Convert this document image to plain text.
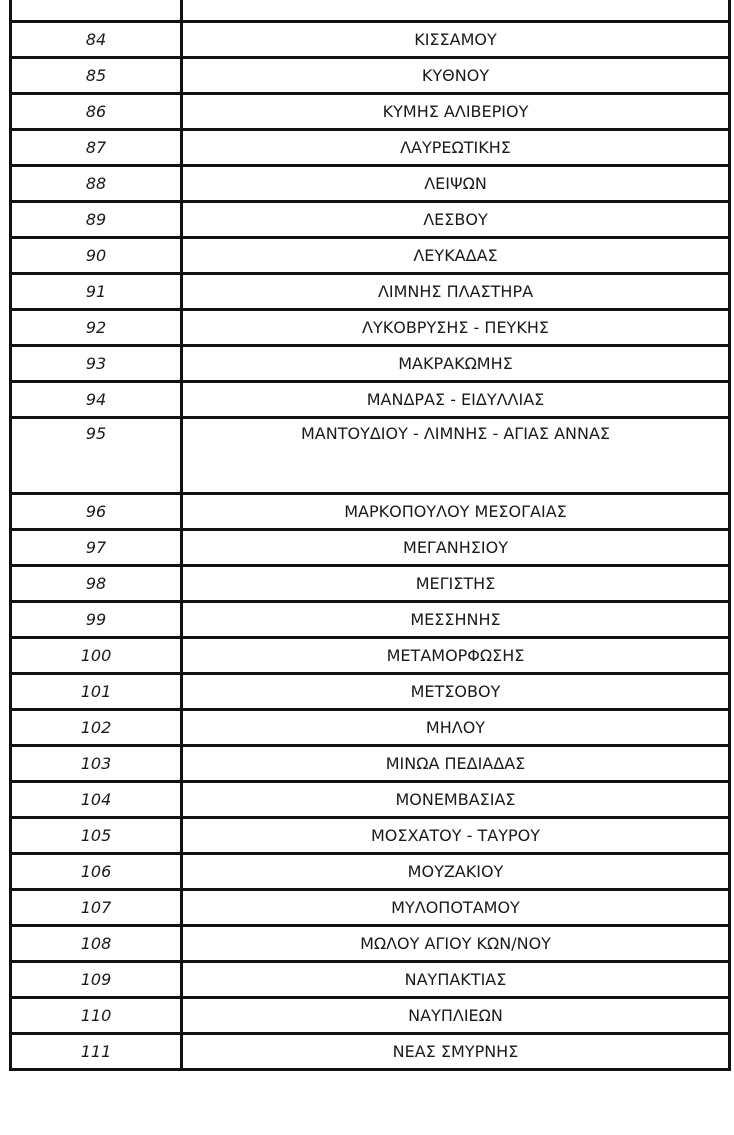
84	ΚΙΣΣΑΜΟΥ
85	ΚΥΘΝΟΥ
86	ΚΥΜΗΣ ΑΛΙΒΕΡΙΟΥ
87	ΛΑΥΡΕΩΤΙΚΗΣ
88	ΛΕΙΨΩΝ
89	ΛΕΣΒΟΥ
90	ΛΕΥΚΑΔΑΣ
91	ΛΙΜΝΗΣ ΠΛΑΣΤΗΡΑ
92	ΛΥΚΟΒΡΥΣΗΣ - ΠΕΥΚΗΣ
93	ΜΑΚΡΑΚΩΜΗΣ
94	ΜΑΝΔΡΑΣ - ΕΙΔΥΛΛΙΑΣ
95	ΜΑΝΤΟΥΔΙΟΥ - ΛΙΜΝΗΣ - ΑΓΙΑΣ ΑΝΝΑΣ
96	ΜΑΡΚΟΠΟΥΛΟΥ ΜΕΣΟΓΑΙΑΣ
97	ΜΕΓΑΝΗΣΙΟΥ
98	ΜΕΓΙΣΤΗΣ
99	ΜΕΣΣΗΝΗΣ
100	ΜΕΤΑΜΟΡΦΩΣΗΣ
101	ΜΕΤΣΟΒΟΥ
102	ΜΗΛΟΥ
103	ΜΙΝΩΑ ΠΕΔΙΑΔΑΣ
104	ΜΟΝΕΜΒΑΣΙΑΣ
105	ΜΟΣΧΑΤΟΥ - ΤΑΥΡΟΥ
106	ΜΟΥΖΑΚΙΟΥ
107	ΜΥΛΟΠΟΤΑΜΟΥ
108	ΜΩΛΟΥ ΑΓΙΟΥ ΚΩΝ/ΝΟΥ
109	ΝΑΥΠΑΚΤΙΑΣ
110	ΝΑΥΠΛΙΕΩΝ
111	ΝΕΑΣ ΣΜΥΡΝΗΣ
